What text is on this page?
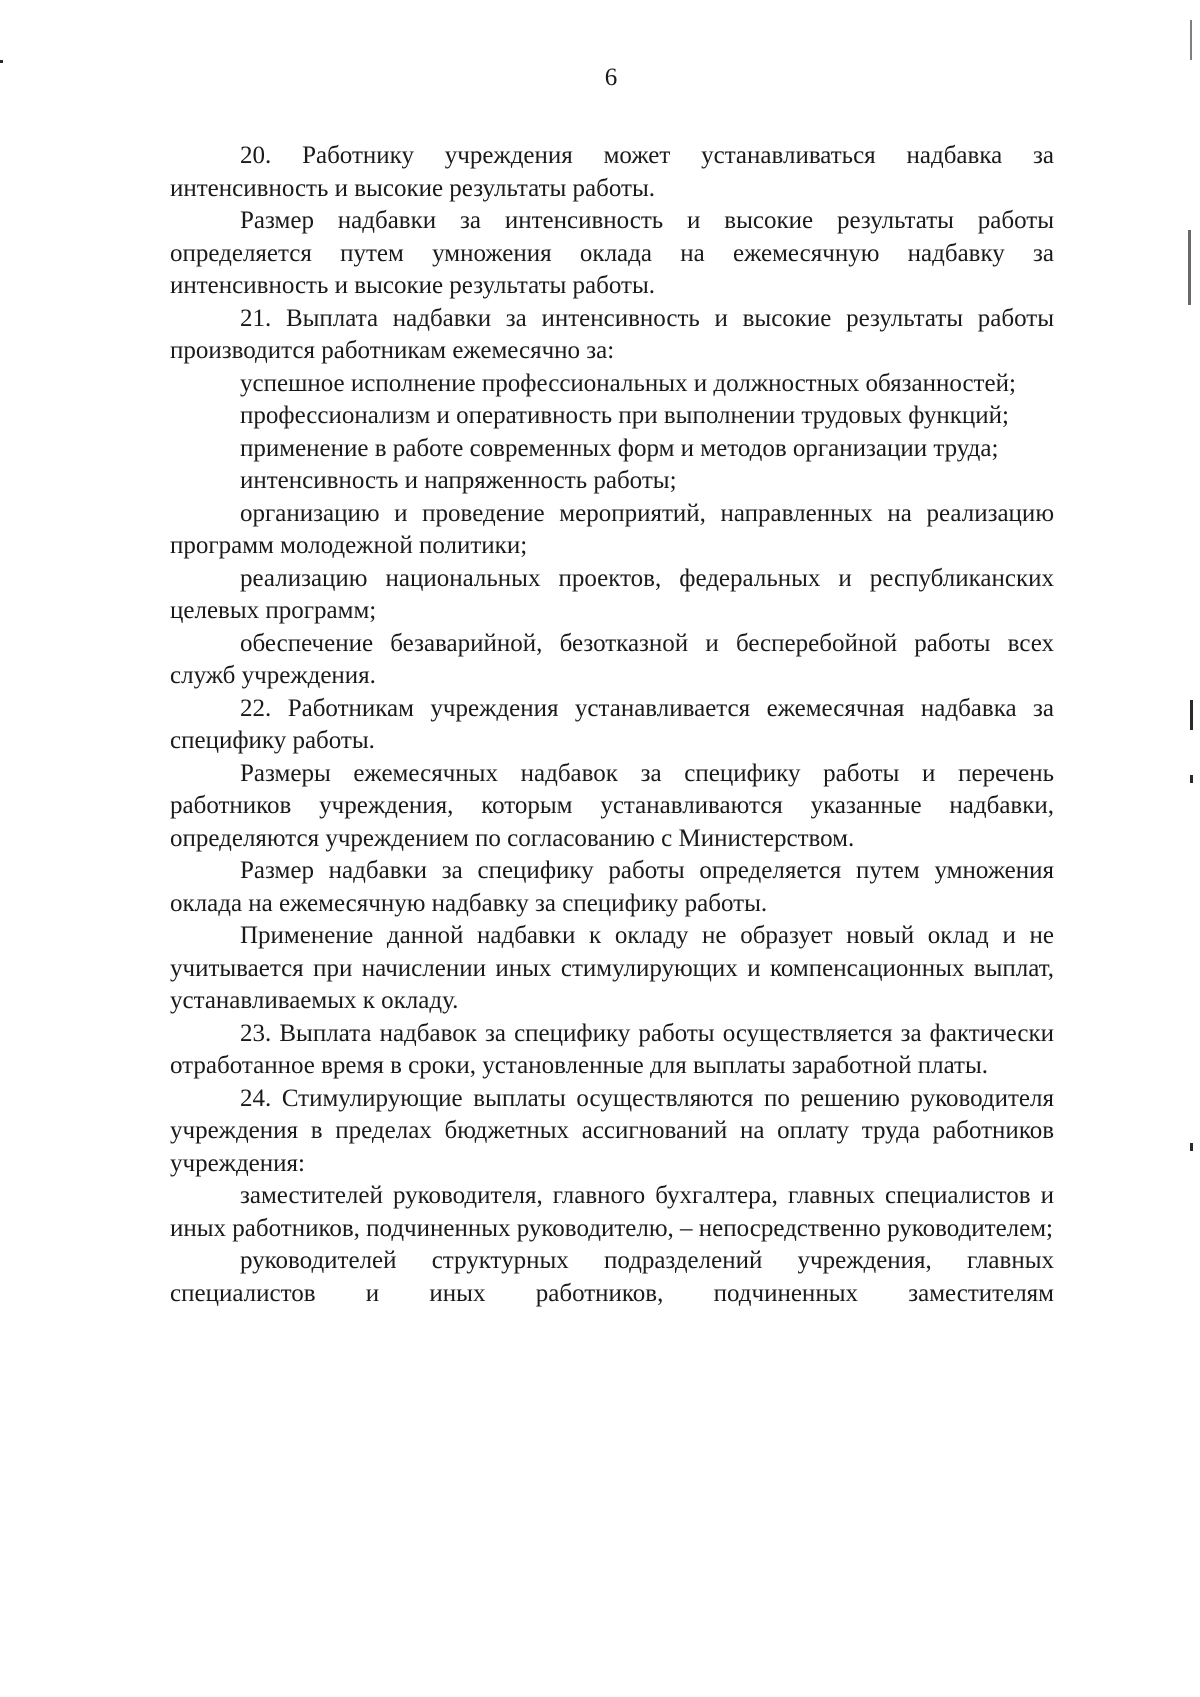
6

20. Работнику учреждения может устанавливаться надбавка за интенсивность и высокие результаты работы.

Размер надбавки за интенсивность и высокие результаты работы определяется путем умножения оклада на ежемесячную надбавку за интенсивность и высокие результаты работы.

21. Выплата надбавки за интенсивность и высокие результаты работы производится работникам ежемесячно за:

успешное исполнение профессиональных и должностных обязанностей;

профессионализм и оперативность при выполнении трудовых функций;

применение в работе современных форм и методов организации труда;

интенсивность и напряженность работы;

организацию и проведение мероприятий, направленных на реализацию программ молодежной политики;

реализацию национальных проектов, федеральных и республиканских целевых программ;

обеспечение безаварийной, безотказной и бесперебойной работы всех служб учреждения.

22. Работникам учреждения устанавливается ежемесячная надбавка за специфику работы.

Размеры ежемесячных надбавок за специфику работы и перечень работников учреждения, которым устанавливаются указанные надбавки, определяются учреждением по согласованию с Министерством.

Размер надбавки за специфику работы определяется путем умножения оклада на ежемесячную надбавку за специфику работы.

Применение данной надбавки к окладу не образует новый оклад и не учитывается при начислении иных стимулирующих и компенсационных выплат, устанавливаемых к окладу.

23. Выплата надбавок за специфику работы осуществляется за фактически отработанное время в сроки, установленные для выплаты заработной платы.

24. Стимулирующие выплаты осуществляются по решению руководителя учреждения в пределах бюджетных ассигнований на оплату труда работников учреждения:

заместителей руководителя, главного бухгалтера, главных специалистов и иных работников, подчиненных руководителю, – непосредственно руководителем;

руководителей структурных подразделений учреждения, главных специалистов и иных работников, подчиненных заместителям
